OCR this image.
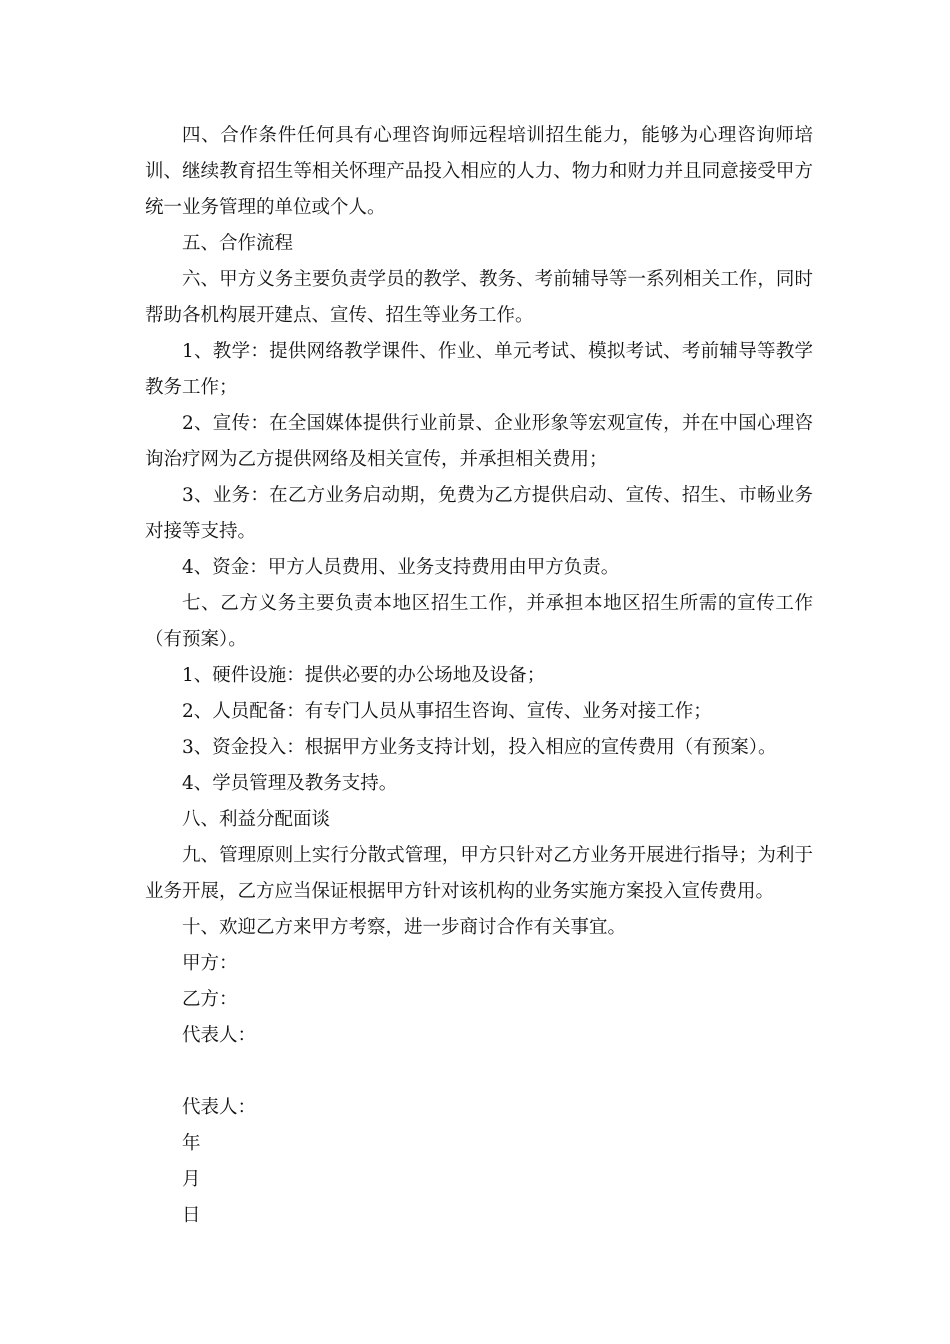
四、合作条件任何具有心理咨询师远程培训招生能力，能够为心理咨询师培训、继续教育招生等相关怀理产品投入相应的人力、物力和财力并且同意接受甲方统一业务管理的单位或个人。

五、合作流程

六、甲方义务主要负责学员的教学、教务、考前辅导等一系列相关工作，同时帮助各机构展开建点、宣传、招生等业务工作。

1、教学：提供网络教学课件、作业、单元考试、模拟考试、考前辅导等教学教务工作；

2、宣传：在全国媒体提供行业前景、企业形象等宏观宣传，并在中国心理咨询治疗网为乙方提供网络及相关宣传，并承担相关费用；

3、业务：在乙方业务启动期，免费为乙方提供启动、宣传、招生、市畅业务对接等支持。

4、资金：甲方人员费用、业务支持费用由甲方负责。

七、乙方义务主要负责本地区招生工作，并承担本地区招生所需的宣传工作（有预案）。

1、硬件设施：提供必要的办公场地及设备；

2、人员配备：有专门人员从事招生咨询、宣传、业务对接工作；

3、资金投入：根据甲方业务支持计划，投入相应的宣传费用（有预案）。

4、学员管理及教务支持。

八、利益分配面谈

九、管理原则上实行分散式管理，甲方只针对乙方业务开展进行指导；为利于业务开展，乙方应当保证根据甲方针对该机构的业务实施方案投入宣传费用。

十、欢迎乙方来甲方考察，进一步商讨合作有关事宜。

甲方：

乙方：

代表人：

代表人：

年

月

日
